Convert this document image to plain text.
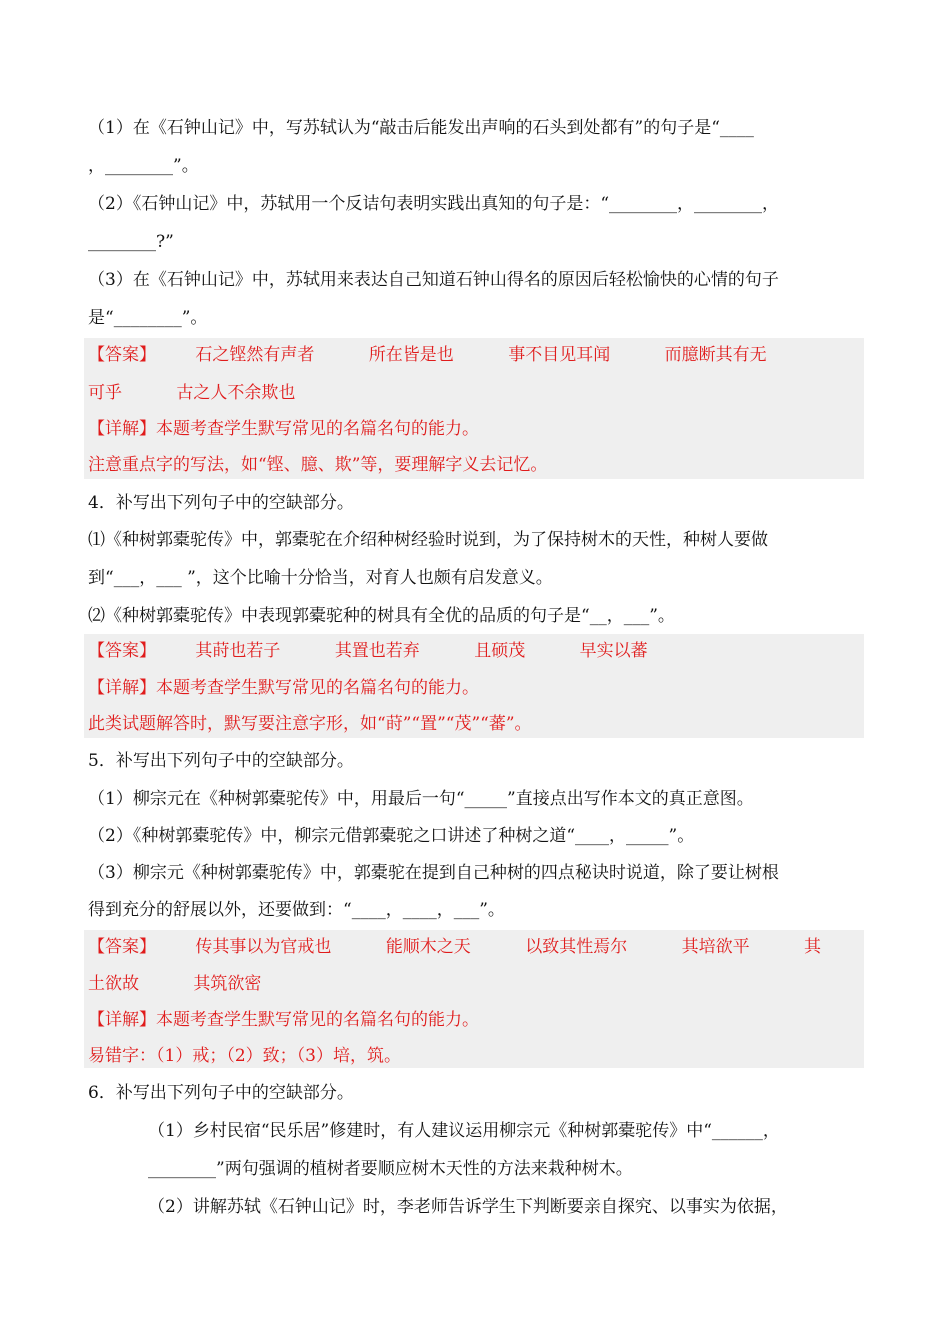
（1）在《石钟山记》中，写苏轼认为“敲击后能发出声响的石头到处都有”的句子是“____
，________”。
（2）《石钟山记》中，苏轼用一个反诘句表明实践出真知的句子是：“________，________，
________?”
（3）在《石钟山记》中，苏轼用来表达自己知道石钟山得名的原因后轻松愉快的心情的句子
是“________”。
【答案】 石之铿然有声者	所在皆是也	事不目见耳闻	而臆断其有无
可乎	古之人不余欺也
【详解】本题考查学生默写常见的名篇名句的能力。
注意重点字的写法，如“铿、臆、欺”等，要理解字义去记忆。
4．补写出下列句子中的空缺部分。
⑴《种树郭橐驼传》中，郭橐驼在介绍种树经验时说到，为了保持树木的天性，种树人要做
到“___，___ ”，这个比喻十分恰当，对育人也颇有启发意义。
⑵《种树郭橐驼传》中表现郭橐驼种的树具有全优的品质的句子是“__，___”。
【答案】 其莳也若子	其置也若弃	且硕茂	早实以蕃
【详解】本题考查学生默写常见的名篇名句的能力。
此类试题解答时，默写要注意字形，如“莳”“置”“茂”“蕃”。
5．补写出下列句子中的空缺部分。
（1）柳宗元在《种树郭橐驼传》中，用最后一句“_____”直接点出写作本文的真正意图。
（2）《种树郭橐驼传》中，柳宗元借郭橐驼之口讲述了种树之道“____，_____”。
（3）柳宗元《种树郭橐驼传》中，郭橐驼在提到自己种树的四点秘诀时说道，除了要让树根
得到充分的舒展以外，还要做到：“____，____，___”。
【答案】 传其事以为官戒也	能顺木之天	以致其性焉尔	其培欲平	其
土欲故	其筑欲密
【详解】本题考查学生默写常见的名篇名句的能力。
易错字：（1）戒；（2）致；（3）培，筑。
6．补写出下列句子中的空缺部分。
（1）乡村民宿“民乐居”修建时，有人建议运用柳宗元《种树郭橐驼传》中“______，
________”两句强调的植树者要顺应树木天性的方法来栽种树木。
（2）讲解苏轼《石钟山记》时，李老师告诉学生下判断要亲自探究、以事实为依据，
